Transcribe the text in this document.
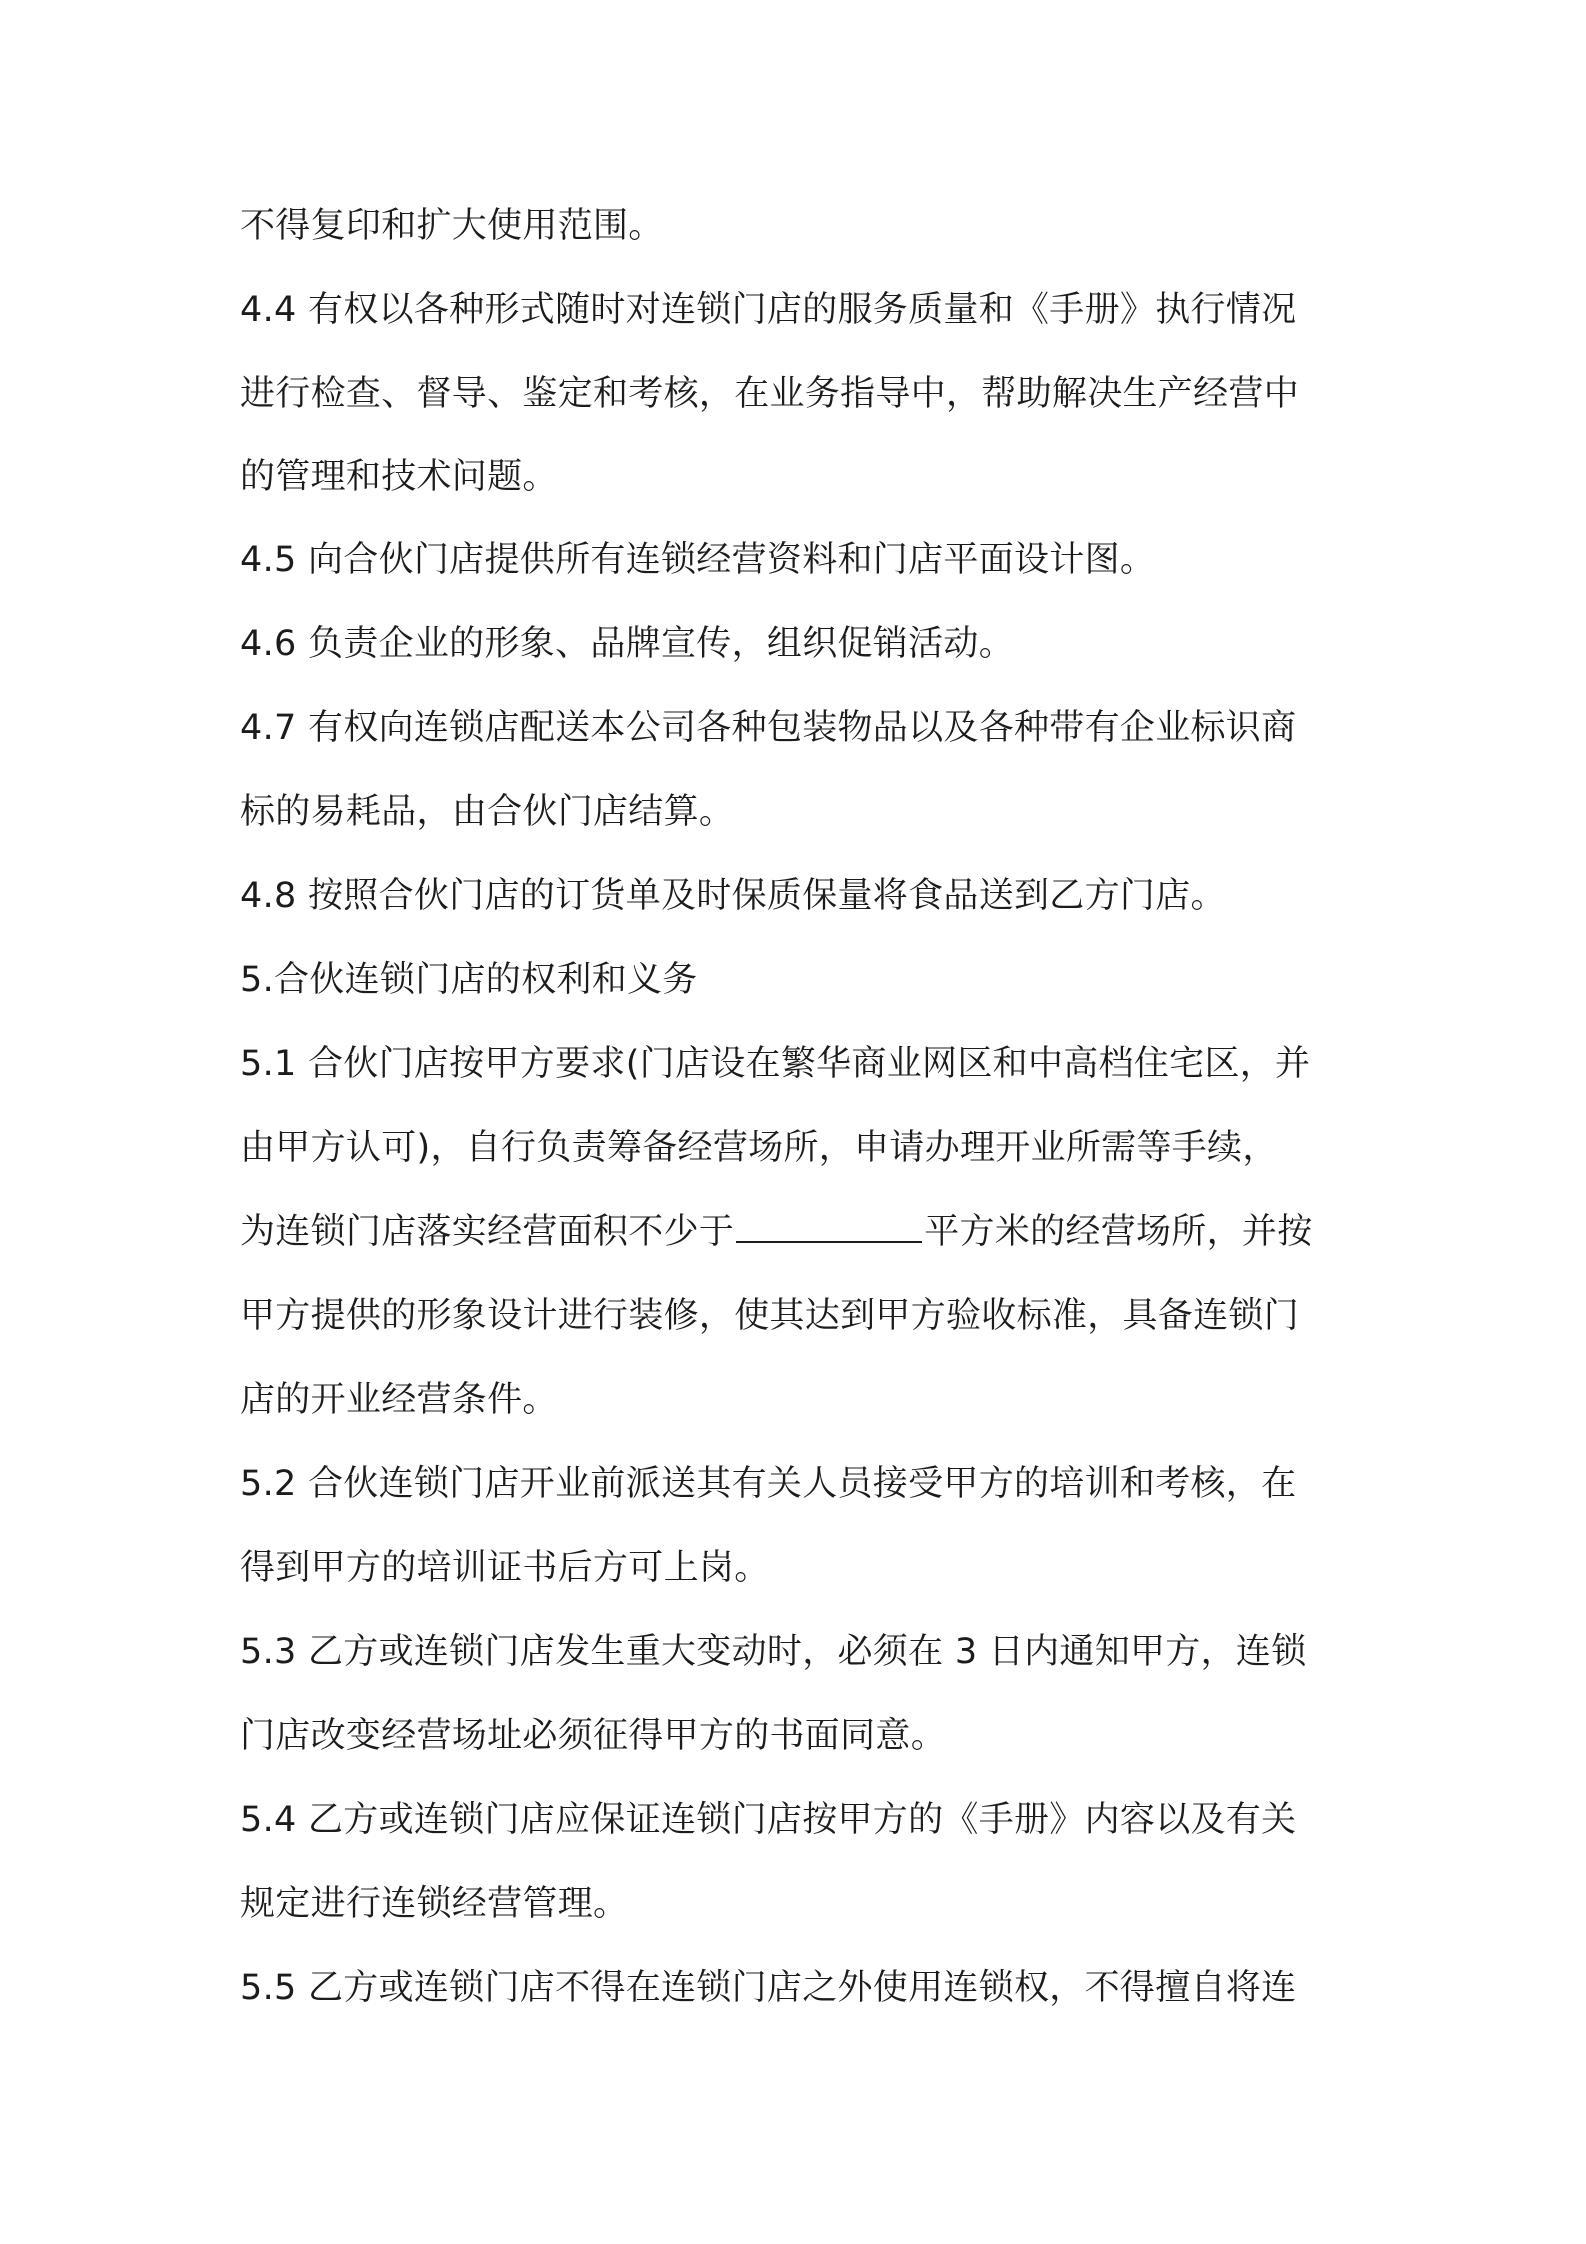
不得复印和扩大使用范围。

4.4 有权以各种形式随时对连锁门店的服务质量和《手册》执行情况

进行检查、督导、鉴定和考核，在业务指导中，帮助解决生产经营中

的管理和技术问题。

4.5 向合伙门店提供所有连锁经营资料和门店平面设计图。

4.6 负责企业的形象、品牌宣传，组织促销活动。

4.7 有权向连锁店配送本公司各种包装物品以及各种带有企业标识商

标的易耗品，由合伙门店结算。

4.8 按照合伙门店的订货单及时保质保量将食品送到乙方门店。

5.合伙连锁门店的权利和义务

5.1 合伙门店按甲方要求(门店设在繁华商业网区和中高档住宅区，并

由甲方认可)，自行负责筹备经营场所，申请办理开业所需等手续，

为连锁门店落实经营面积不少于	平方米的经营场所，并按

甲方提供的形象设计进行装修，使其达到甲方验收标准，具备连锁门

店的开业经营条件。

5.2 合伙连锁门店开业前派送其有关人员接受甲方的培训和考核，在

得到甲方的培训证书后方可上岗。

5.3 乙方或连锁门店发生重大变动时，必须在 3 日内通知甲方，连锁

门店改变经营场址必须征得甲方的书面同意。

5.4 乙方或连锁门店应保证连锁门店按甲方的《手册》内容以及有关

规定进行连锁经营管理。

5.5 乙方或连锁门店不得在连锁门店之外使用连锁权，不得擅自将连
